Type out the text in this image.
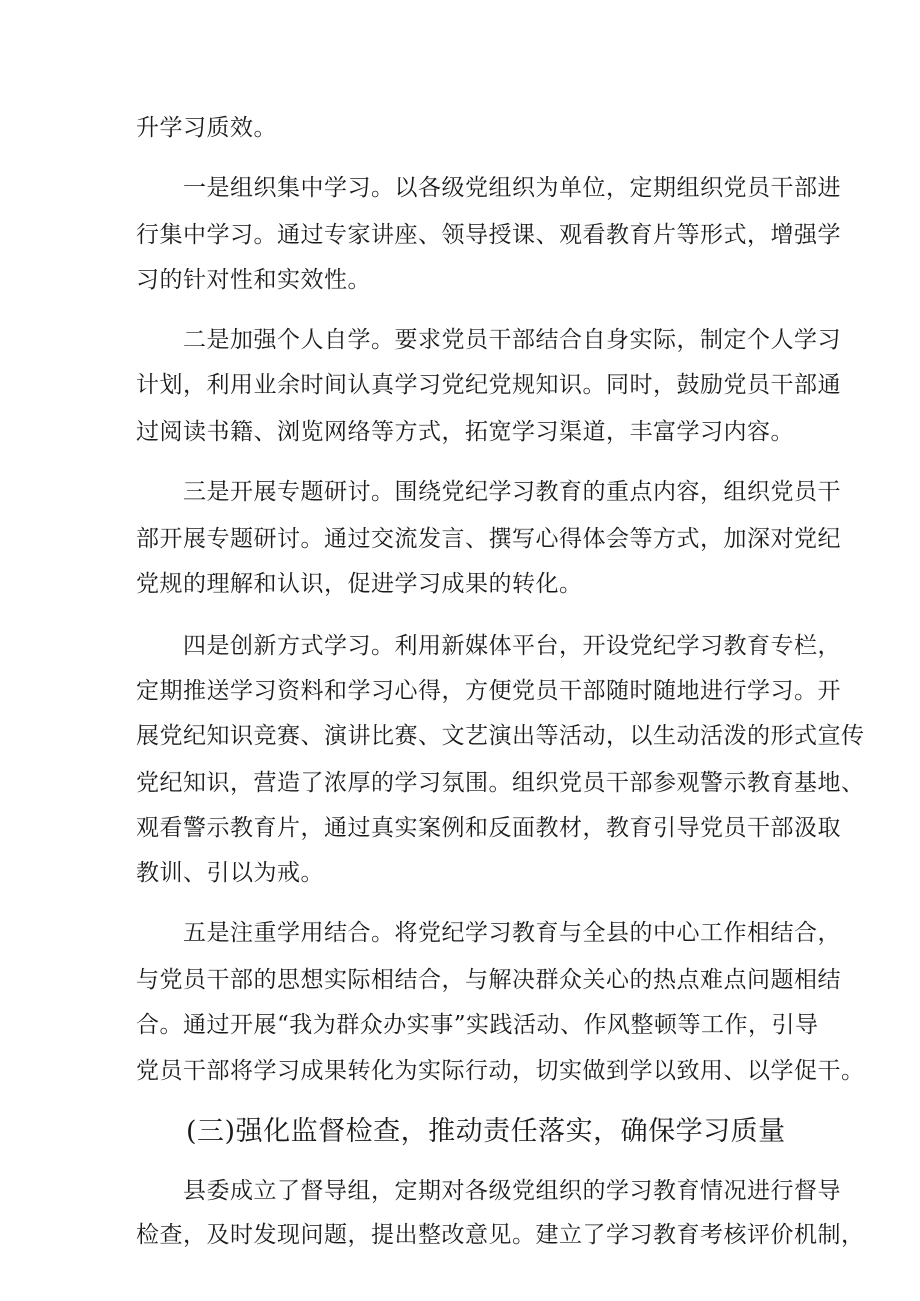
升学习质效。
　　一是组织集中学习。以各级党组织为单位，定期组织党员干部进
行集中学习。通过专家讲座、领导授课、观看教育片等形式，增强学
习的针对性和实效性。
　　二是加强个人自学。要求党员干部结合自身实际，制定个人学习
计划，利用业余时间认真学习党纪党规知识。同时，鼓励党员干部通
过阅读书籍、浏览网络等方式，拓宽学习渠道，丰富学习内容。
　　三是开展专题研讨。围绕党纪学习教育的重点内容，组织党员干
部开展专题研讨。通过交流发言、撰写心得体会等方式，加深对党纪
党规的理解和认识，促进学习成果的转化。
　　四是创新方式学习。利用新媒体平台，开设党纪学习教育专栏，
定期推送学习资料和学习心得，方便党员干部随时随地进行学习。开
展党纪知识竞赛、演讲比赛、文艺演出等活动，以生动活泼的形式宣传
党纪知识，营造了浓厚的学习氛围。组织党员干部参观警示教育基地、
观看警示教育片，通过真实案例和反面教材，教育引导党员干部汲取
教训、引以为戒。
　　五是注重学用结合。将党纪学习教育与全县的中心工作相结合，
与党员干部的思想实际相结合，与解决群众关心的热点难点问题相结
合。通过开展“我为群众办实事”实践活动、作风整顿等工作，引导
党员干部将学习成果转化为实际行动，切实做到学以致用、以学促干。
(三)强化监督检查，推动责任落实，确保学习质量
　　县委成立了督导组，定期对各级党组织的学习教育情况进行督导
检查，及时发现问题，提出整改意见。建立了学习教育考核评价机制，
